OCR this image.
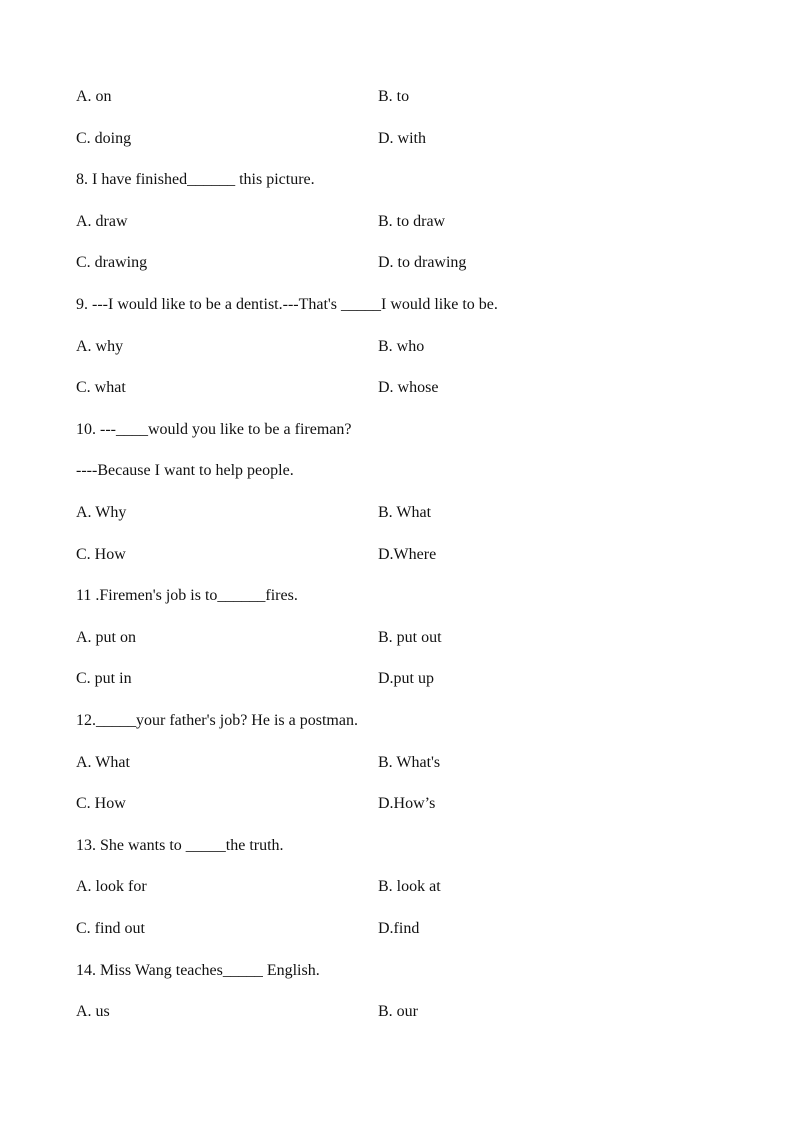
A. on	B. to
C. doing	D. with
8. I have finished______ this picture.
A. draw	B. to draw
C. drawing	D. to drawing
9. ---I would like to be a dentist.---That's _____I would like to be.
A. why	B. who
C. what	D. whose
10. ---____would you like to be a fireman?
----Because I want to help people.
A. Why	B. What
C. How	D.Where
11 .Firemen's job is to______fires.
A. put on	B. put out
C. put in	D.put up
12._____your father's job? He is a postman.
A. What	B. What's
C. How	D.How’s
13. She wants to _____the truth.
A. look for	B. look at
C. find out	D.find
14. Miss Wang teaches_____ English.
A. us	B. our
